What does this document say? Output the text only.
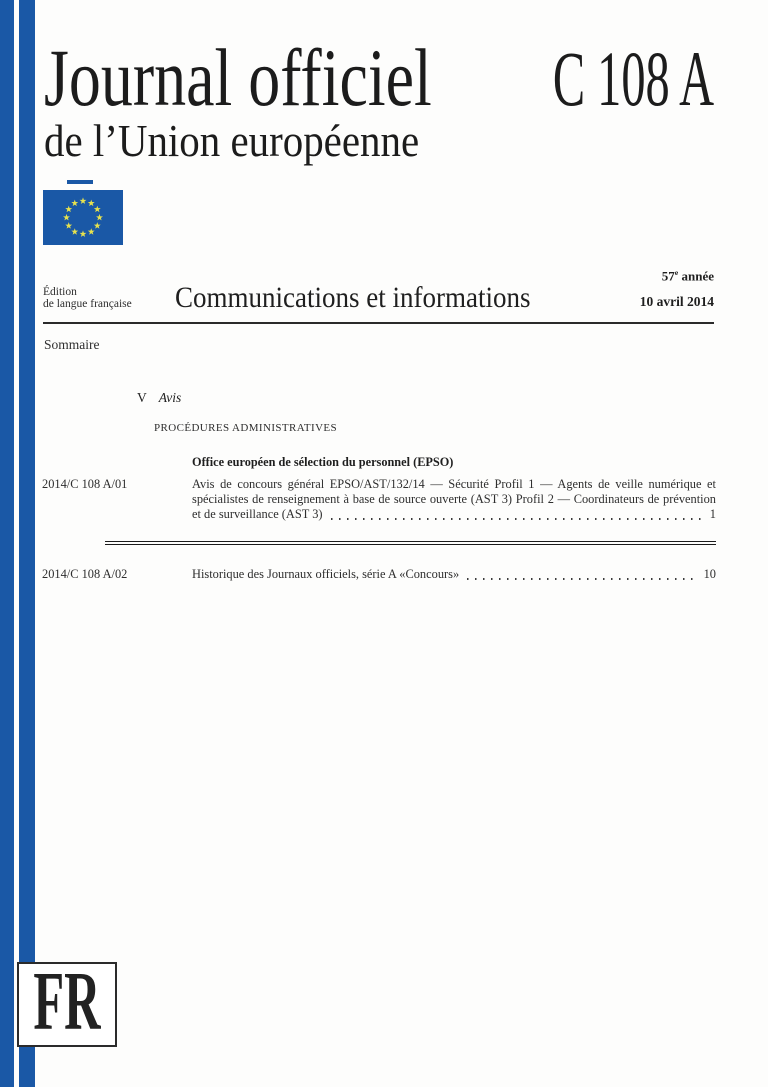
Journal officiel
de l’Union européenne
C 108 A
Édition
de langue française Communications et informations
57e année
10 avril 2014
Sommaire
V Avis
PROCÉDURES ADMINISTRATIVES
Office européen de sélection du personnel (EPSO)
2014/C 108 A/01	Avis de concours général EPSO/AST/132/14 — Sécurité Profil 1 — Agents de veille numérique et
spécialistes de renseignement à base de source ouverte (AST 3) Profil 2 — Coordinateurs de prévention
et de surveillance (AST 3)	1
2014/C 108 A/02	Historique des Journaux officiels, série A «Concours»	10
FR
